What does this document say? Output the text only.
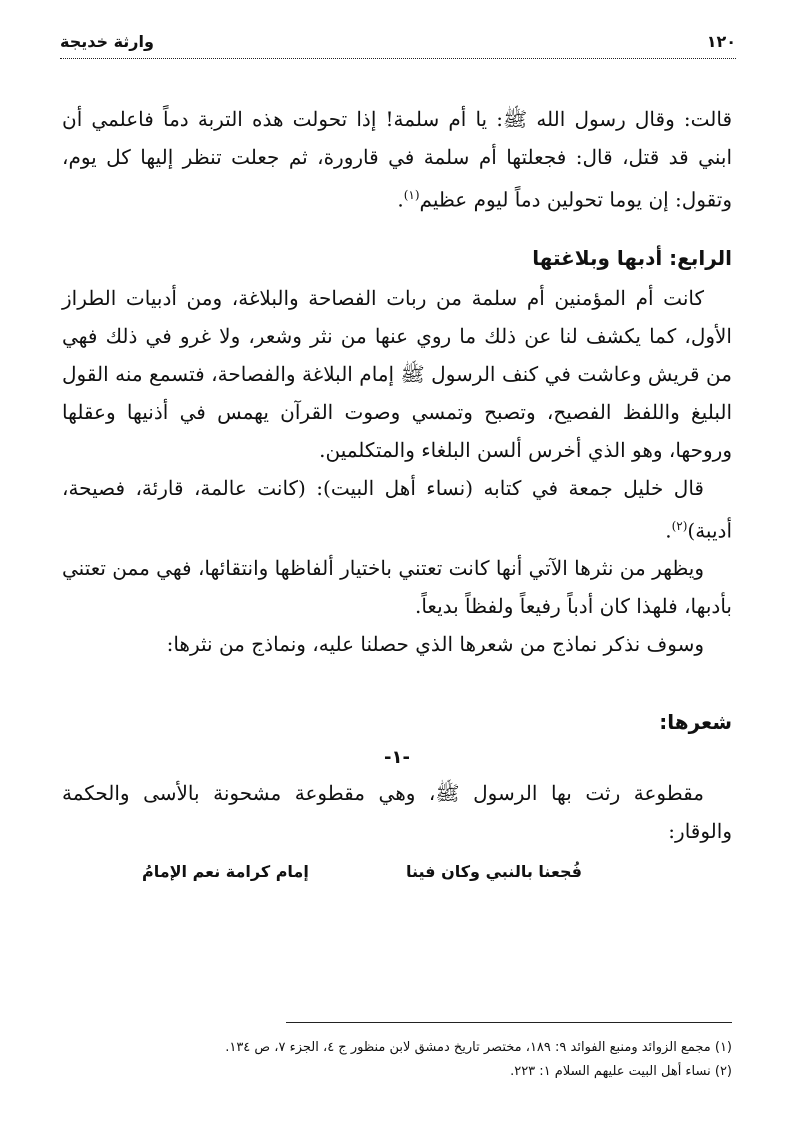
١٢٠
وارثة خديجة

قالت: وقال رسول الله ﷺ: يا أم سلمة! إذا تحولت هذه التربة دماً فاعلمي أن ابني قد قتل، قال: فجعلتها أم سلمة في قارورة، ثم جعلت تنظر إليها كل يوم، وتقول: إن يوما تحولين دماً ليوم عظيم$^{(١)}$.

الرابع: أدبها وبلاغتها

كانت أم المؤمنين أم سلمة من ربات الفصاحة والبلاغة، ومن أدبيات الطراز الأول، كما يكشف لنا عن ذلك ما روي عنها من نثر وشعر، ولا غرو في ذلك فهي من قريش وعاشت في كنف الرسول ﷺ إمام البلاغة والفصاحة، فتسمع منه القول البليغ واللفظ الفصيح، وتصبح وتمسي وصوت القرآن يهمس في أذنيها وعقلها وروحها، وهو الذي أخرس ألسن البلغاء والمتكلمين.

قال خليل جمعة في كتابه (نساء أهل البيت): (كانت عالمة، قارئة، فصيحة، أديبة)$^{(٢)}$.

ويظهر من نثرها الآتي أنها كانت تعتني باختيار ألفاظها وانتقائها، فهي ممن تعتني بأدبها، فلهذا كان أدباً رفيعاً ولفظاً بديعاً.

وسوف نذكر نماذج من شعرها الذي حصلنا عليه، ونماذج من نثرها:

شعرها:
-١-

مقطوعة رثت بها الرسول ﷺ، وهي مقطوعة مشحونة بالأسى والحكمة والوقار:

فُجعنا بالنبي وكان فينا
إمام كرامة نعم الإمامُ
(١) مجمع الزوائد ومنبع الفوائد ٩: ١٨٩، مختصر تاريخ دمشق لابن منظور ج ٤، الجزء ٧، ص ١٣٤.
(٢) نساء أهل البيت عليهم السلام ١: ٢٢٣.
